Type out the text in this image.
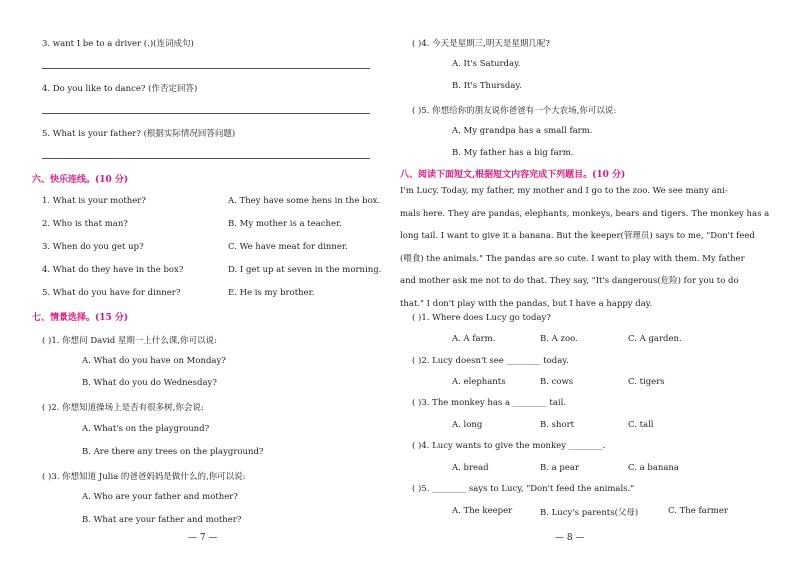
3. want I be to a driver (.)(连词成句)
4. Do you like to dance? (作否定回答)
5. What is your father? (根据实际情况回答问题)
六、快乐连线。(10 分)
1. What is your mother?
2. Who is that man?
3. When do you get up?
4. What do they have in the box?
5. What do you have for dinner?
A. They have some hens in the box.
B. My mother is a teacher.
C. We have meat for dinner.
D. I get up at seven in the morning.
E. He is my brother.
七、情景选择。(15 分)
( )1. 你想问 David 星期一上什么课,你可以说:
A. What do you have on Monday?
B. What do you do Wednesday?
( )2. 你想知道操场上是否有很多树,你会说:
A. What's on the playground?
B. Are there any trees on the playground?
( )3. 你想知道 Julia 的爸爸妈妈是做什么的,你可以说:
A. Who are your father and mother?
B. What are your father and mother?
— 7 —
( )4. 今天是星期三,明天是星期几呢?
A. It's Saturday.
B. It's Thursday.
( )5. 你想给你的朋友说你爸爸有一个大农场,你可以说:
A. My grandpa has a small farm.
B. My father has a big farm.
八、阅读下面短文,根据短文内容完成下列题目。(10 分)
I'm Lucy. Today, my father, my mother and I go to the zoo. We see many ani-
mals here. They are pandas, elephants, monkeys, bears and tigers. The monkey has a
long tail. I want to give it a banana. But the keeper(管理员) says to me, "Don't feed
(喂食) the animals." The pandas are so cute. I want to play with them. My father
and mother ask me not to do that. They say, "It's dangerous(危险) for you to do
that." I don't play with the pandas, but I have a happy day.
( )1. Where does Lucy go today?
A. A farm.	B. A zoo.	C. A garden.
( )2. Lucy doesn't see ________ today.
A. elephants	B. cows	C. tigers
( )3. The monkey has a ________ tail.
A. long	B. short	C. tall
( )4. Lucy wants to give the monkey ________.
A. bread	B. a pear	C. a banana
( )5. ________ says to Lucy, "Don't feed the animals."
A. The keeper	B. Lucy's parents(父母)	C. The farmer
— 8 —
